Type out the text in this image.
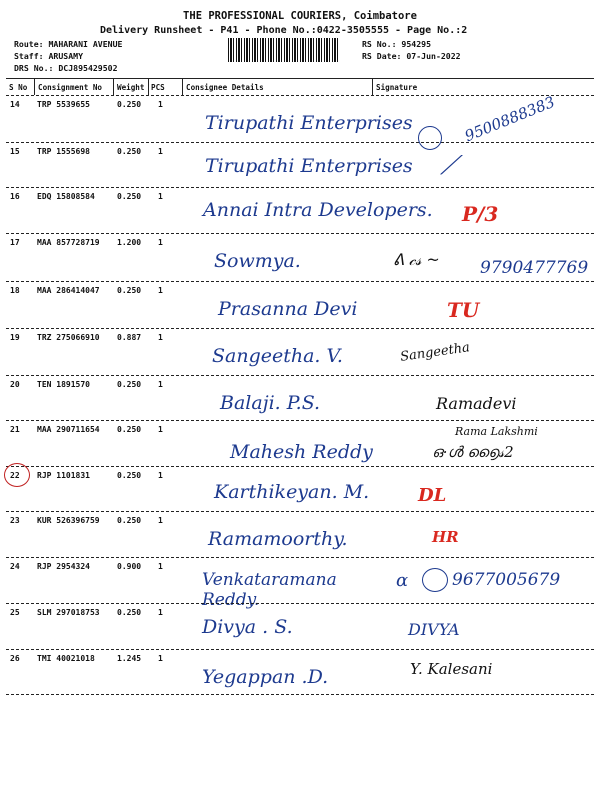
THE PROFESSIONAL COURIERS, Coimbatore
Delivery Runsheet - P41 - Phone No.:0422-3505555 - Page No.:2
Route: MAHARANI AVENUE
Staff: ARUSAMY
DRS No.: DCJ895429502
RS No.: 954295
RS Date: 07-Jun-2022
S No Consignment No Weight PCS	Consignee Details	Signature
14 TRP 5539655	0.250 1
Tirupathi Enterprises	9500888383
15 TRP 1555698	0.250 1
Tirupathi Enterprises ⟋
16 EDQ 15808584	0.250 1
Annai Intra Developers. P/3
17 MAA 857728719 1.200 1
Sowmya.	ᕕ 𝒸𝓈 ~ 9790477769
18 MAA 286414047 0.250 1
Prasanna Devi	TU
19 TRZ 275066910 0.887 1
Sangeetha. V.	Sangeetha
20 TEN 1891570	0.250 1
Balaji. P.S.	Ramadevi
21 MAA 290711654 0.250 1
Mahesh Reddy
Rama Lakshmi
ഒ·ൾ ൭ൈ𝓈2
22 RJP 1101831	0.250 1
Karthikeyan. M.	DL
23 KUR 526396759 0.250 1
Ramamoorthy.	HR
24 RJP 2954324	0.900 1
Venkataramana Reddy.
𝛼	9677005679
25 SLM 297018753 0.250 1
Divya . S.	DIVYA
26 TMI 40021018	1.245 1
Yegappan .D.	Y. Kalesani
